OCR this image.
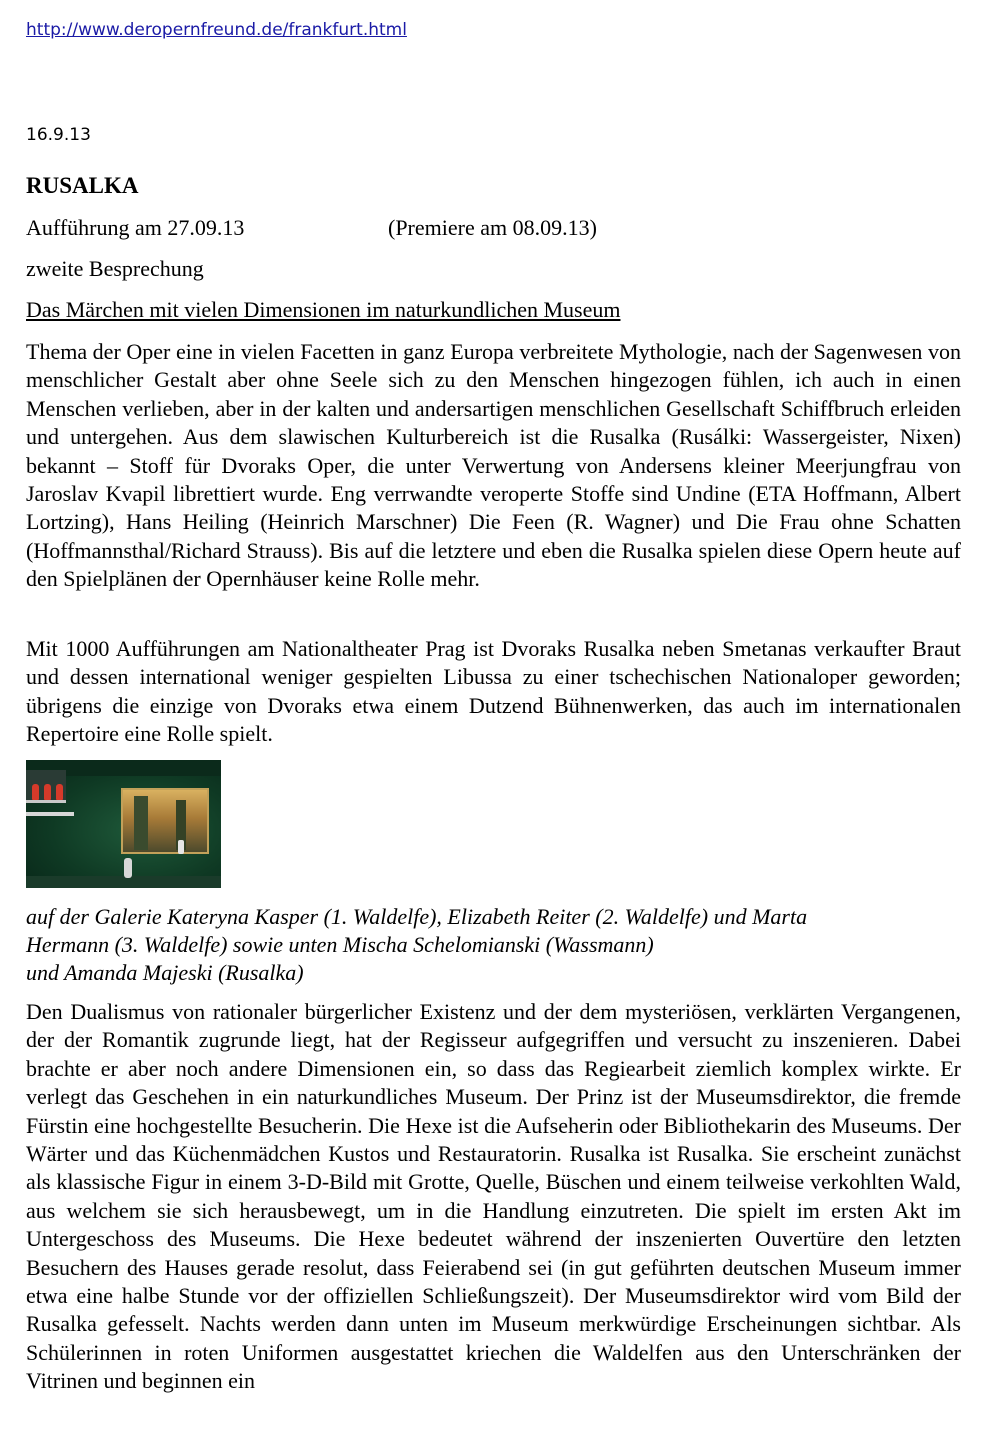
http://www.deropernfreund.de/frankfurt.html
16.9.13
RUSALKA
Aufführung am 27.09.13	(Premiere am 08.09.13)
zweite Besprechung
Das Märchen mit vielen Dimensionen im naturkundlichen Museum

Thema der Oper eine in vielen Facetten in ganz Europa verbreitete Mythologie, nach der Sagenwesen von menschlicher Gestalt aber ohne Seele sich zu den Menschen hingezogen fühlen, ich auch in einen Menschen verlieben, aber in der kalten und andersartigen menschlichen Gesellschaft Schiffbruch erleiden und untergehen. Aus dem slawischen Kulturbereich ist die Rusalka (Rusálki: Wassergeister, Nixen) bekannt – Stoff für Dvoraks Oper, die unter Verwertung von Andersens kleiner Meerjungfrau von Jaroslav Kvapil librettiert wurde. Eng verrwandte veroperte Stoffe sind Undine (ETA Hoffmann, Albert Lortzing), Hans Heiling (Heinrich Marschner) Die Feen (R. Wagner) und Die Frau ohne Schatten (Hoffmannsthal/Richard Strauss). Bis auf die letztere und eben die Rusalka spielen diese Opern heute auf den Spielplänen der Opernhäuser keine Rolle mehr.

Mit 1000 Aufführungen am Nationaltheater Prag ist Dvoraks Rusalka neben Smetanas verkaufter Braut und dessen international weniger gespielten Libussa zu einer tschechischen Nationaloper geworden; übrigens die einzige von Dvoraks etwa einem Dutzend Bühnenwerken, das auch im internationalen Repertoire eine Rolle spielt.

auf der Galerie Kateryna Kasper (1. Waldelfe), Elizabeth Reiter (2. Waldelfe) und Marta
Hermann (3. Waldelfe) sowie unten Mischa Schelomianski (Wassmann)
und Amanda Majeski (Rusalka)

Den Dualismus von rationaler bürgerlicher Existenz und der dem mysteriösen, verklärten Vergangenen, der der Romantik zugrunde liegt, hat der Regisseur aufgegriffen und versucht zu inszenieren. Dabei brachte er aber noch andere Dimensionen ein, so dass das Regiearbeit ziemlich komplex wirkte. Er verlegt das Geschehen in ein naturkundliches Museum. Der Prinz ist der Museumsdirektor, die fremde Fürstin eine hochgestellte Besucherin. Die Hexe ist die Aufseherin oder Bibliothekarin des Museums. Der Wärter und das Küchenmädchen Kustos und Restauratorin. Rusalka ist Rusalka. Sie erscheint zunächst als klassische Figur in einem 3-D-Bild mit Grotte, Quelle, Büschen und einem teilweise verkohlten Wald, aus welchem sie sich herausbewegt, um in die Handlung einzutreten. Die spielt im ersten Akt im Untergeschoss des Museums. Die Hexe bedeutet während der inszenierten Ouvertüre den letzten Besuchern des Hauses gerade resolut, dass Feierabend sei (in gut geführten deutschen Museum immer etwa eine halbe Stunde vor der offiziellen Schließungszeit). Der Museumsdirektor wird vom Bild der Rusalka gefesselt. Nachts werden dann unten im Museum merkwürdige Erscheinungen sichtbar. Als Schülerinnen in roten Uniformen ausgestattet kriechen die Waldelfen aus den Unterschränken der Vitrinen und beginnen ein
